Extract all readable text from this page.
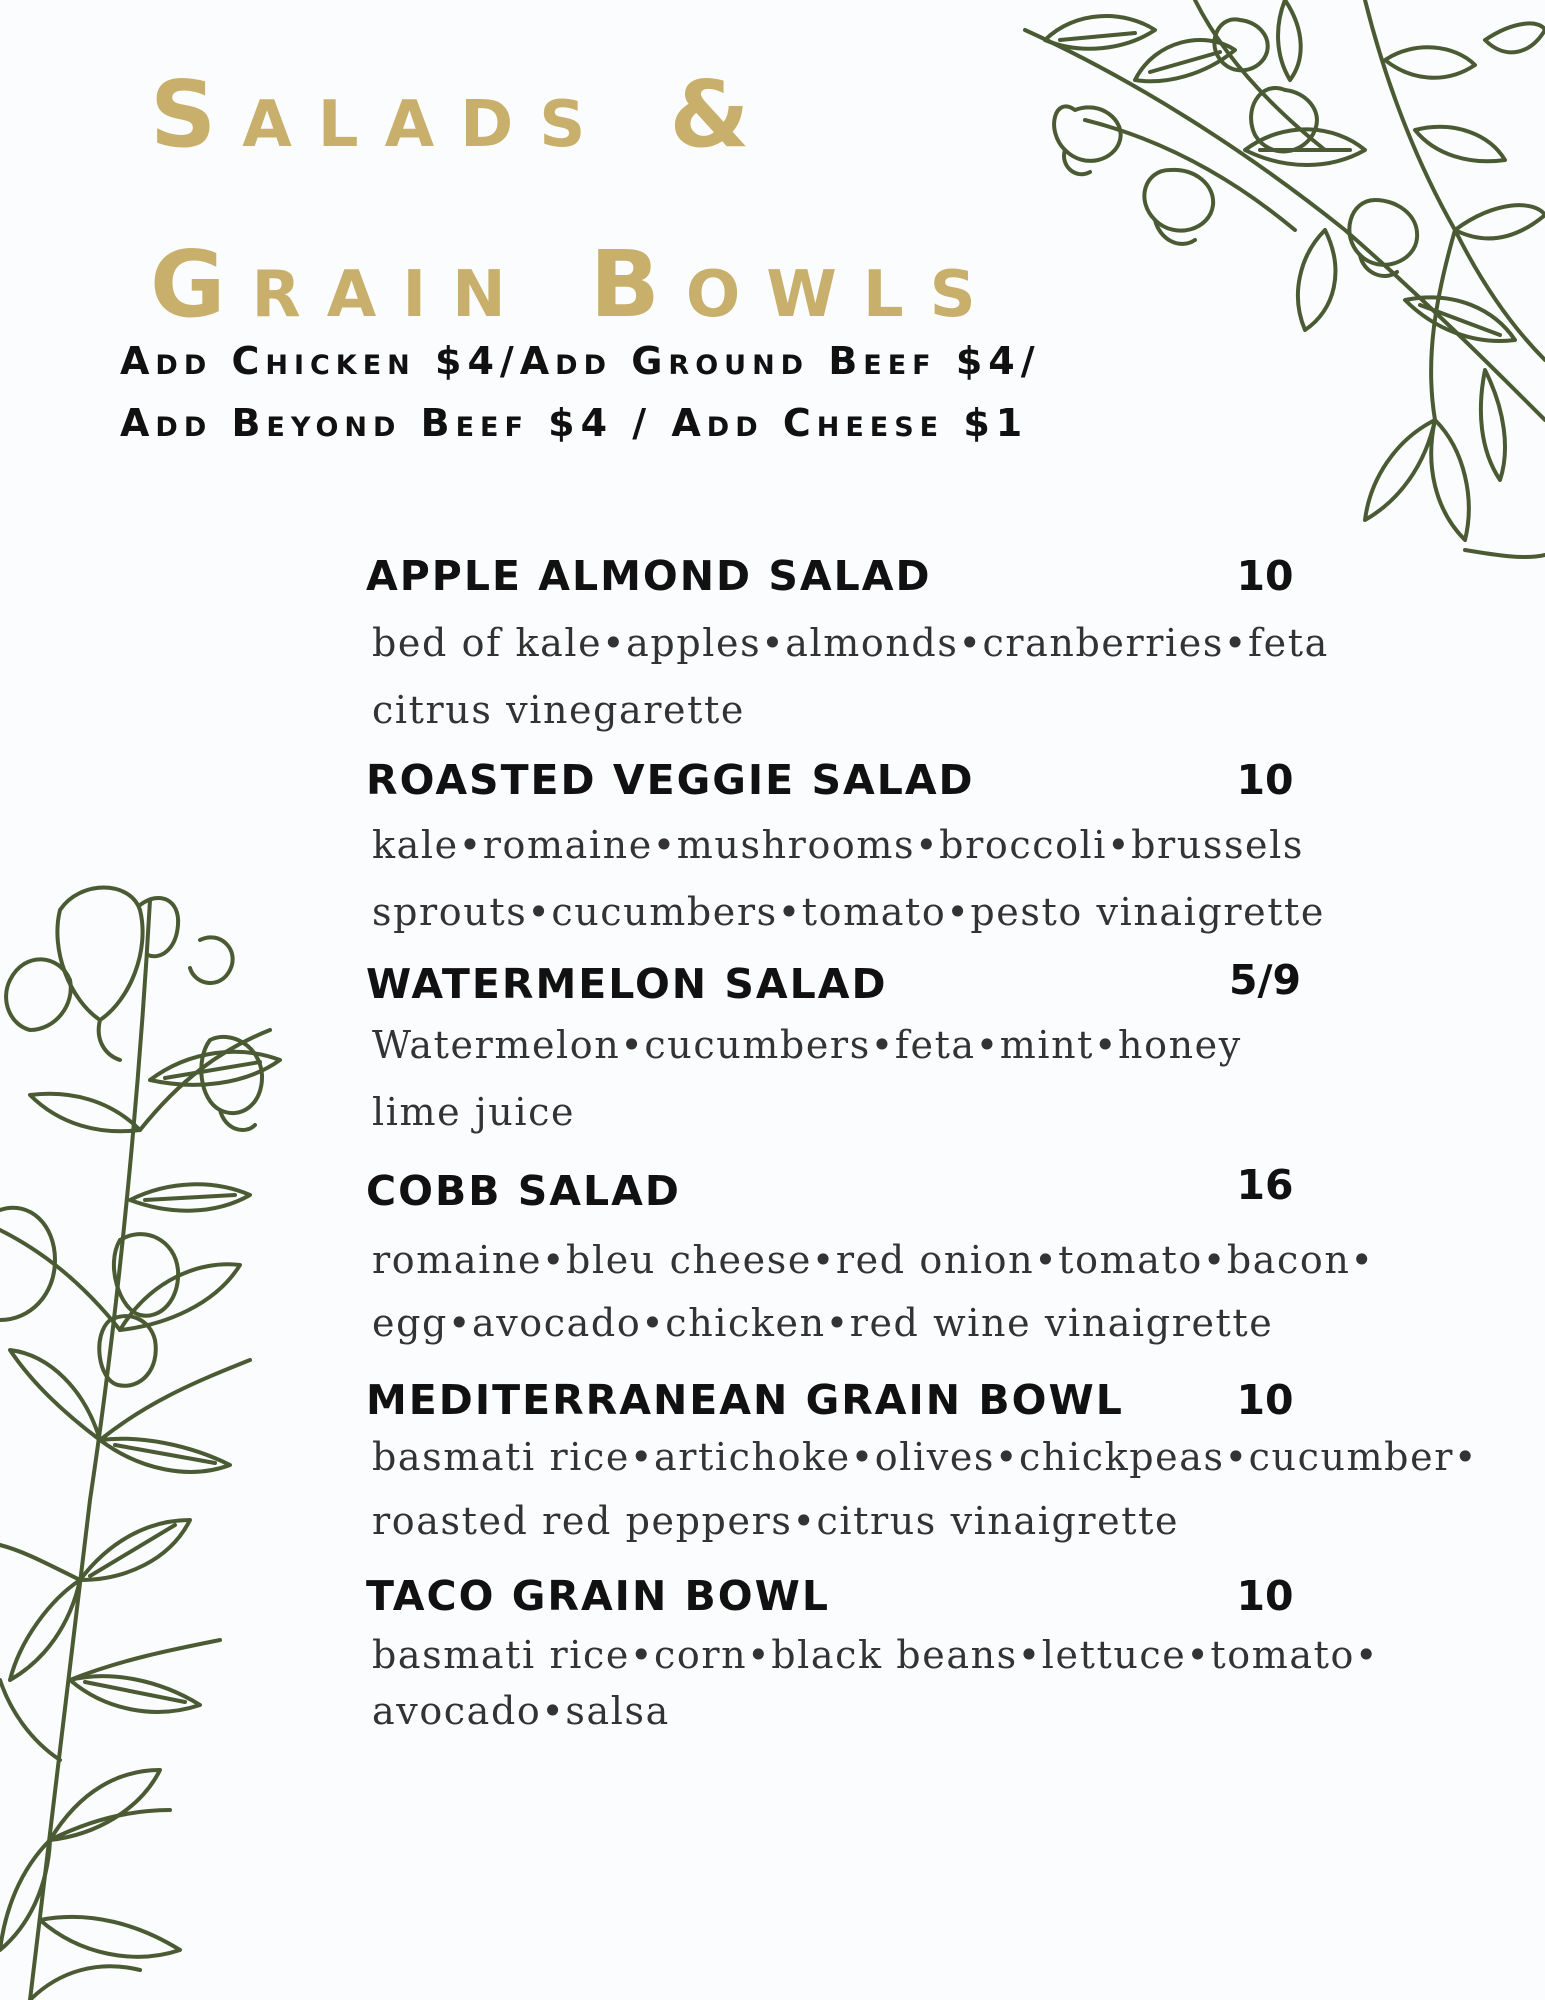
Salads &
Grain Bowls
Add Chicken $4/Add Ground Beef $4/
Add Beyond Beef $4 / Add Cheese $1
APPLE ALMOND SALAD	10
bed of kale•apples•almonds•cranberries•feta
citrus vinegarette
ROASTED VEGGIE SALAD	10
kale•romaine•mushrooms•broccoli•brussels
sprouts•cucumbers•tomato•pesto vinaigrette
WATERMELON SALAD	5/9
Watermelon•cucumbers•feta•mint•honey
lime juice
COBB SALAD	16
romaine•bleu cheese•red onion•tomato•bacon•
egg•avocado•chicken•red wine vinaigrette
MEDITERRANEAN GRAIN BOWL	10
basmati rice•artichoke•olives•chickpeas•cucumber•
roasted red peppers•citrus vinaigrette
TACO GRAIN BOWL	10
basmati rice•corn•black beans•lettuce•tomato•
avocado•salsa
